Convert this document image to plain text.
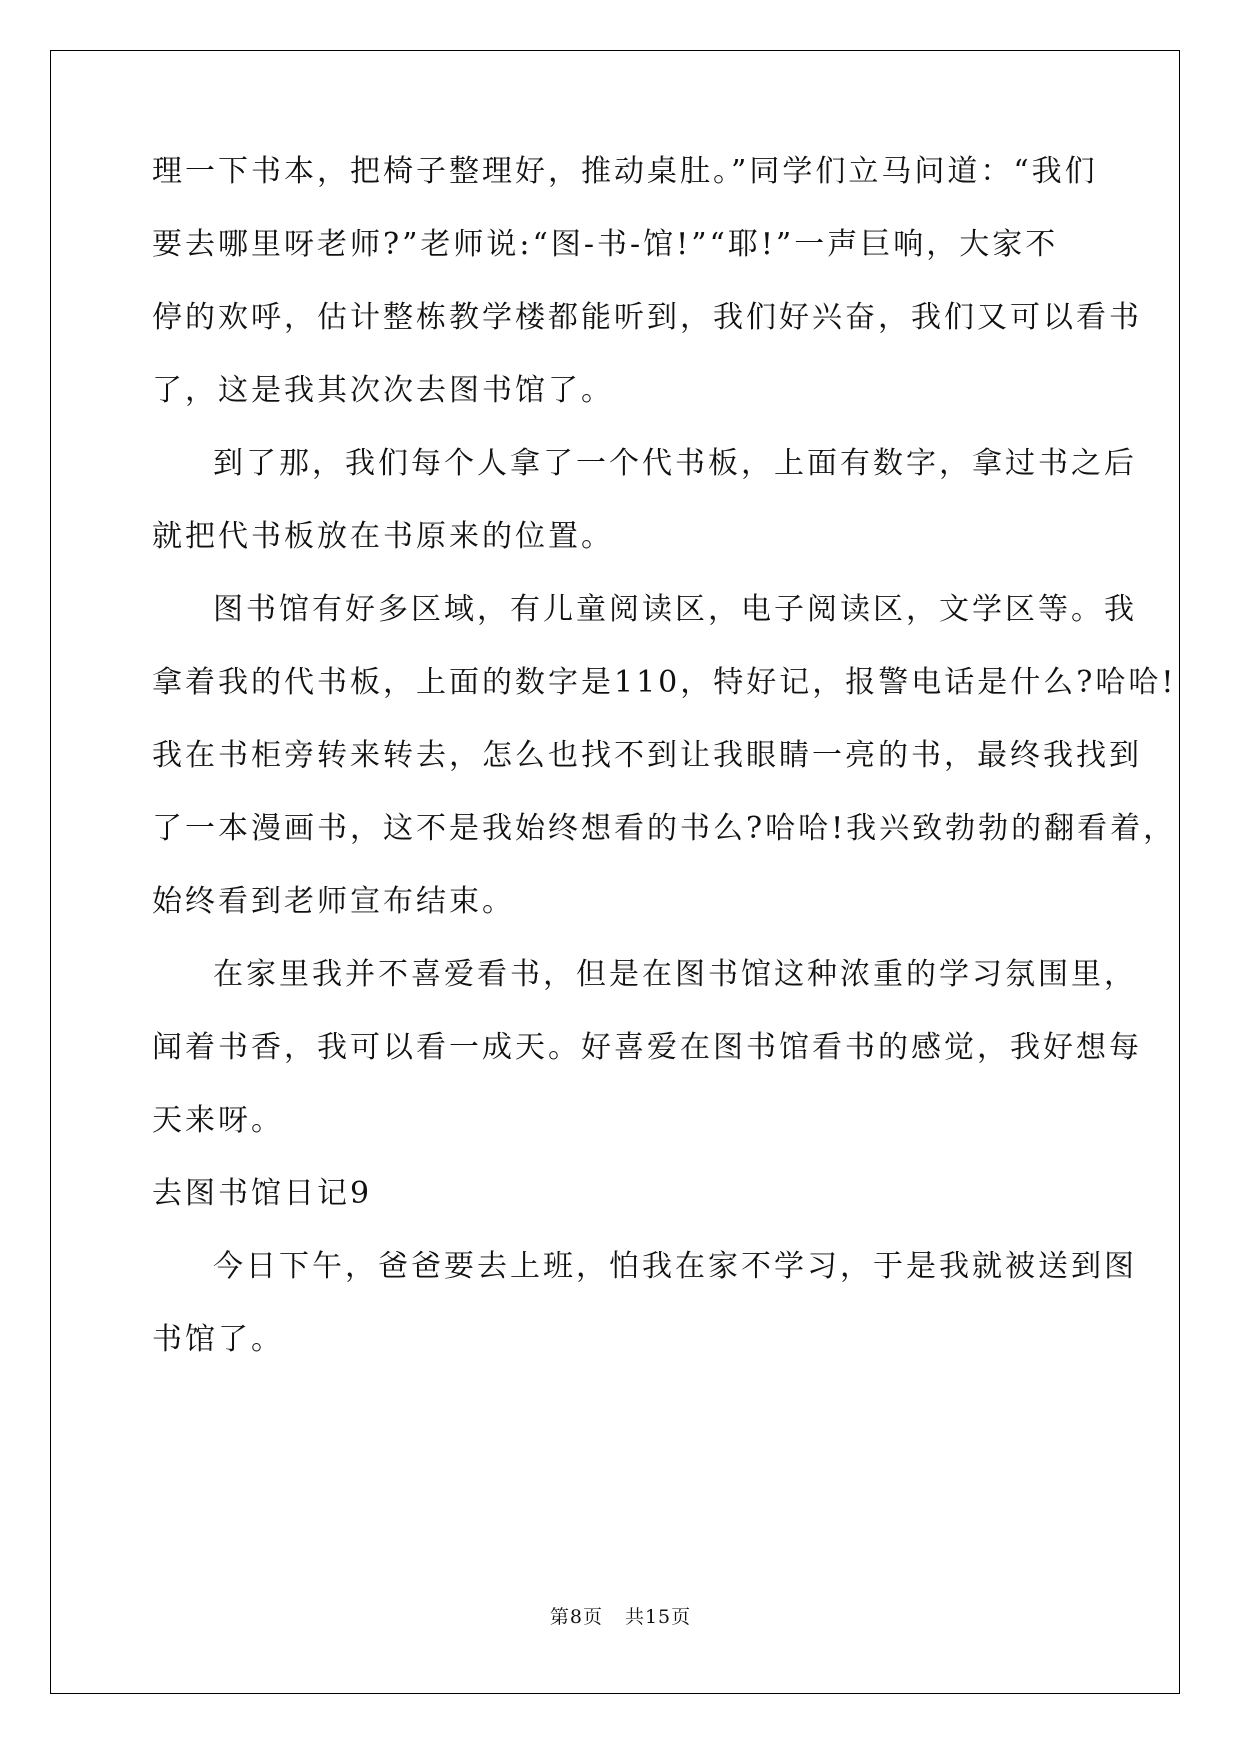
理一下书本，把椅子整理好，推动桌肚。”同学们立马问道：“我们
要去哪里呀老师?”老师说:“图-书-馆!”“耶!”一声巨响，大家不
停的欢呼，估计整栋教学楼都能听到，我们好兴奋，我们又可以看书
了，这是我其次次去图书馆了。
到了那，我们每个人拿了一个代书板，上面有数字，拿过书之后
就把代书板放在书原来的位置。
图书馆有好多区域，有儿童阅读区，电子阅读区，文学区等。我
拿着我的代书板，上面的数字是110，特好记，报警电话是什么?哈哈!
我在书柜旁转来转去，怎么也找不到让我眼睛一亮的书，最终我找到
了一本漫画书，这不是我始终想看的书么?哈哈!我兴致勃勃的翻看着，
始终看到老师宣布结束。
在家里我并不喜爱看书，但是在图书馆这种浓重的学习氛围里，
闻着书香，我可以看一成天。好喜爱在图书馆看书的感觉，我好想每
天来呀。
去图书馆日记9
今日下午，爸爸要去上班，怕我在家不学习，于是我就被送到图
书馆了。
第8页 共15页
